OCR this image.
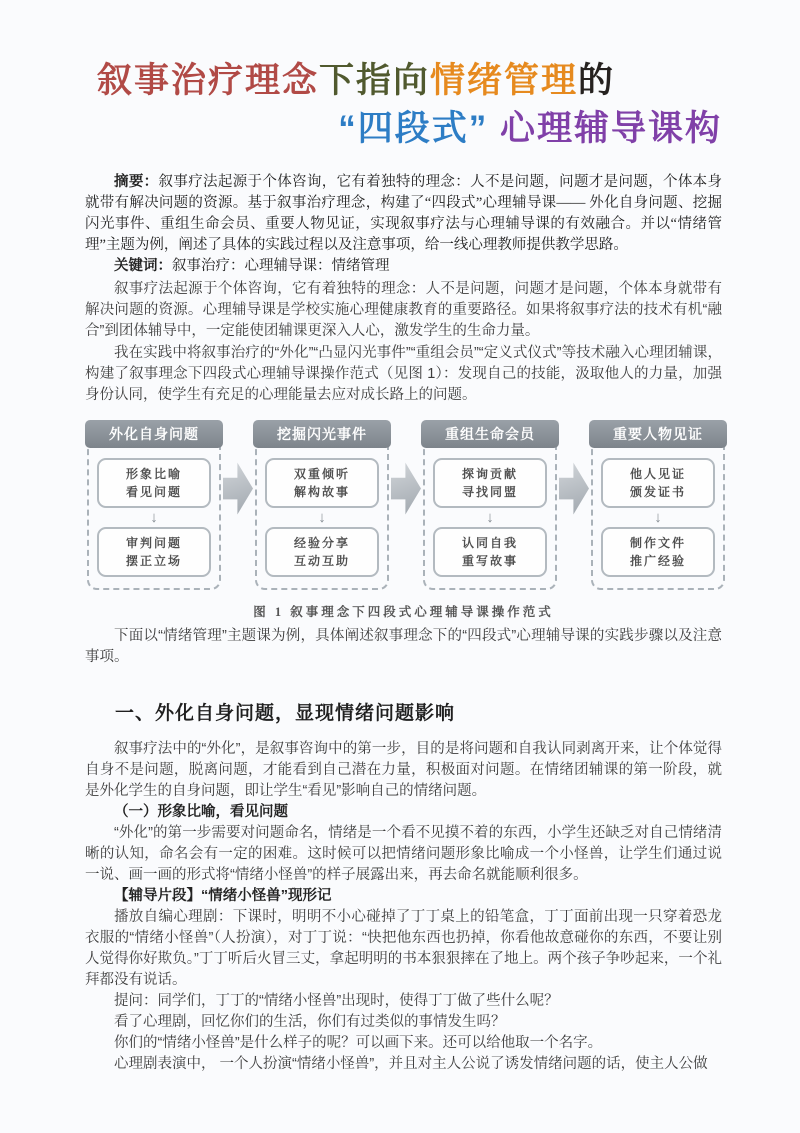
叙事治疗理念下指向情绪管理的
“四段式” 心理辅导课构

摘要：叙事疗法起源于个体咨询，它有着独特的理念：人不是问题，问题才是问题，个体本身就带有解决问题的资源。基于叙事治疗理念，构建了“四段式”心理辅导课—— 外化自身问题、挖掘闪光事件、重组生命会员、重要人物见证，实现叙事疗法与心理辅导课的有效融合。并以“情绪管理”主题为例，阐述了具体的实践过程以及注意事项，给一线心理教师提供教学思路。

关键词：叙事治疗：心理辅导课：情绪管理

叙事疗法起源于个体咨询，它有着独特的理念：人不是问题，问题才是问题，个体本身就带有解决问题的资源。心理辅导课是学校实施心理健康教育的重要路径。如果将叙事疗法的技术有机“融合”到团体辅导中，一定能使团辅课更深入人心，激发学生的生命力量。

我在实践中将叙事治疗的“外化”“凸显闪光事件”“重组会员”“定义式仪式”等技术融入心理团辅课，构建了叙事理念下四段式心理辅导课操作范式（见图 1）：发现自己的技能，汲取他人的力量，加强身份认同，使学生有充足的心理能量去应对成长路上的问题。

外化自身问题
形象比喻
看见问题
↓
审判问题
摆正立场
挖掘闪光事件
双重倾听
解构故事
↓
经验分享
互动互助
重组生命会员
探询贡献
寻找同盟
↓
认同自我
重写故事
重要人物见证
他人见证
颁发证书
↓
制作文件
推广经验
图 1 叙事理念下四段式心理辅导课操作范式

下面以“情绪管理”主题课为例，具体阐述叙事理念下的“四段式”心理辅导课的实践步骤以及注意事项。

一、外化自身问题，显现情绪问题影响

叙事疗法中的“外化”，是叙事咨询中的第一步，目的是将问题和自我认同剥离开来，让个体觉得自身不是问题，脱离问题，才能看到自己潜在力量，积极面对问题。在情绪团辅课的第一阶段，就是外化学生的自身问题，即让学生“看见”影响自己的情绪问题。

（一）形象比喻，看见问题

“外化”的第一步需要对问题命名，情绪是一个看不见摸不着的东西，小学生还缺乏对自己情绪清晰的认知，命名会有一定的困难。这时候可以把情绪问题形象比喻成一个小怪兽，让学生们通过说一说、画一画的形式将“情绪小怪兽”的样子展露出来，再去命名就能顺利很多。

【辅导片段】“情绪小怪兽”现形记

播放自编心理剧：下课时，明明不小心碰掉了丁丁桌上的铅笔盒，丁丁面前出现一只穿着恐龙衣服的“情绪小怪兽”（人扮演），对丁丁说：“快把他东西也扔掉，你看他故意碰你的东西，不要让别人觉得你好欺负。”丁丁听后火冒三丈，拿起明明的书本狠狠摔在了地上。两个孩子争吵起来，一个礼拜都没有说话。

提问：同学们，丁丁的“情绪小怪兽”出现时，使得丁丁做了些什么呢？

看了心理剧，回忆你们的生活，你们有过类似的事情发生吗？

你们的“情绪小怪兽”是什么样子的呢？可以画下来。还可以给他取一个名字。

心理剧表演中， 一个人扮演“情绪小怪兽”，并且对主人公说了诱发情绪问题的话，使主人公做
